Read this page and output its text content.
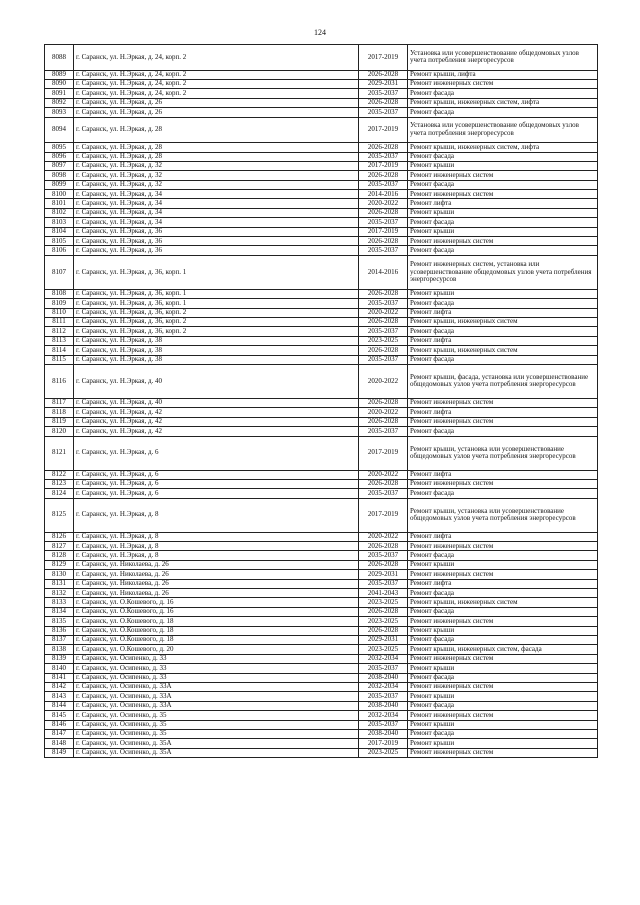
124
8088	г. Саранск, ул. Н.Эркая, д. 24, корп. 2	2017-2019	Установка или усовершенствование общедомовых узлов учета потребления энергоресурсов
8089	г. Саранск, ул. Н.Эркая, д. 24, корп. 2	2026-2028	Ремонт крыши, лифта
8090	г. Саранск, ул. Н.Эркая, д. 24, корп. 2	2029-2031	Ремонт инженерных систем
8091	г. Саранск, ул. Н.Эркая, д. 24, корп. 2	2035-2037	Ремонт фасада
8092	г. Саранск, ул. Н.Эркая, д. 26	2026-2028	Ремонт крыши, инженерных систем, лифта
8093	г. Саранск, ул. Н.Эркая, д. 26	2035-2037	Ремонт фасада
8094	г. Саранск, ул. Н.Эркая, д. 28	2017-2019	Установка или усовершенствование общедомовых узлов учета потребления энергоресурсов
8095	г. Саранск, ул. Н.Эркая, д. 28	2026-2028	Ремонт крыши, инженерных систем, лифта
8096	г. Саранск, ул. Н.Эркая, д. 28	2035-2037	Ремонт фасада
8097	г. Саранск, ул. Н.Эркая, д. 32	2017-2019	Ремонт крыши
8098	г. Саранск, ул. Н.Эркая, д. 32	2026-2028	Ремонт инженерных систем
8099	г. Саранск, ул. Н.Эркая, д. 32	2035-2037	Ремонт фасада
8100	г. Саранск, ул. Н.Эркая, д. 34	2014-2016	Ремонт инженерных систем
8101	г. Саранск, ул. Н.Эркая, д. 34	2020-2022	Ремонт лифта
8102	г. Саранск, ул. Н.Эркая, д. 34	2026-2028	Ремонт крыши
8103	г. Саранск, ул. Н.Эркая, д. 34	2035-2037	Ремонт фасада
8104	г. Саранск, ул. Н.Эркая, д. 36	2017-2019	Ремонт крыши
8105	г. Саранск, ул. Н.Эркая, д. 36	2026-2028	Ремонт инженерных систем
8106	г. Саранск, ул. Н.Эркая, д. 36	2035-2037	Ремонт фасада
8107	г. Саранск, ул. Н.Эркая, д. 36, корп. 1	2014-2016	Ремонт инженерных систем, установка или усовершенствование общедомовых узлов учета потребления энергоресурсов
8108	г. Саранск, ул. Н.Эркая, д. 36, корп. 1	2026-2028	Ремонт крыши
8109	г. Саранск, ул. Н.Эркая, д. 36, корп. 1	2035-2037	Ремонт фасада
8110	г. Саранск, ул. Н.Эркая, д. 36, корп. 2	2020-2022	Ремонт лифта
8111	г. Саранск, ул. Н.Эркая, д. 36, корп. 2	2026-2028	Ремонт крыши, инженерных систем
8112	г. Саранск, ул. Н.Эркая, д. 36, корп. 2	2035-2037	Ремонт фасада
8113	г. Саранск, ул. Н.Эркая, д. 38	2023-2025	Ремонт лифта
8114	г. Саранск, ул. Н.Эркая, д. 38	2026-2028	Ремонт крыши, инженерных систем
8115	г. Саранск, ул. Н.Эркая, д. 38	2035-2037	Ремонт фасада
8116	г. Саранск, ул. Н.Эркая, д. 40	2020-2022	Ремонт крыши, фасада, установка или усовершенствование общедомовых узлов учета потребления энергоресурсов
8117	г. Саранск, ул. Н.Эркая, д. 40	2026-2028	Ремонт инженерных систем
8118	г. Саранск, ул. Н.Эркая, д. 42	2020-2022	Ремонт лифта
8119	г. Саранск, ул. Н.Эркая, д. 42	2026-2028	Ремонт инженерных систем
8120	г. Саранск, ул. Н.Эркая, д. 42	2035-2037	Ремонт фасада
8121	г. Саранск, ул. Н.Эркая, д. 6	2017-2019	Ремонт крыши, установка или усовершенствование общедомовых узлов учета потребления энергоресурсов
8122	г. Саранск, ул. Н.Эркая, д. 6	2020-2022	Ремонт лифта
8123	г. Саранск, ул. Н.Эркая, д. 6	2026-2028	Ремонт инженерных систем
8124	г. Саранск, ул. Н.Эркая, д. 6	2035-2037	Ремонт фасада
8125	г. Саранск, ул. Н.Эркая, д. 8	2017-2019	Ремонт крыши, установка или усовершенствование общедомовых узлов учета потребления энергоресурсов
8126	г. Саранск, ул. Н.Эркая, д. 8	2020-2022	Ремонт лифта
8127	г. Саранск, ул. Н.Эркая, д. 8	2026-2028	Ремонт инженерных систем
8128	г. Саранск, ул. Н.Эркая, д. 8	2035-2037	Ремонт фасада
8129	г. Саранск, ул. Николаева, д. 26	2026-2028	Ремонт крыши
8130	г. Саранск, ул. Николаева, д. 26	2029-2031	Ремонт инженерных систем
8131	г. Саранск, ул. Николаева, д. 26	2035-2037	Ремонт лифта
8132	г. Саранск, ул. Николаева, д. 26	2041-2043	Ремонт фасада
8133	г. Саранск, ул. О.Кошевого, д. 16	2023-2025	Ремонт крыши, инженерных систем
8134	г. Саранск, ул. О.Кошевого, д. 16	2026-2028	Ремонт фасада
8135	г. Саранск, ул. О.Кошевого, д. 18	2023-2025	Ремонт инженерных систем
8136	г. Саранск, ул. О.Кошевого, д. 18	2026-2028	Ремонт крыши
8137	г. Саранск, ул. О.Кошевого, д. 18	2029-2031	Ремонт фасада
8138	г. Саранск, ул. О.Кошевого, д. 20	2023-2025	Ремонт крыши, инженерных систем, фасада
8139	г. Саранск, ул. Осипенко, д. 33	2032-2034	Ремонт инженерных систем
8140	г. Саранск, ул. Осипенко, д. 33	2035-2037	Ремонт крыши
8141	г. Саранск, ул. Осипенко, д. 33	2038-2040	Ремонт фасада
8142	г. Саранск, ул. Осипенко, д. 33А	2032-2034	Ремонт инженерных систем
8143	г. Саранск, ул. Осипенко, д. 33А	2035-2037	Ремонт крыши
8144	г. Саранск, ул. Осипенко, д. 33А	2038-2040	Ремонт фасада
8145	г. Саранск, ул. Осипенко, д. 35	2032-2034	Ремонт инженерных систем
8146	г. Саранск, ул. Осипенко, д. 35	2035-2037	Ремонт крыши
8147	г. Саранск, ул. Осипенко, д. 35	2038-2040	Ремонт фасада
8148	г. Саранск, ул. Осипенко, д. 35А	2017-2019	Ремонт крыши
8149	г. Саранск, ул. Осипенко, д. 35А	2023-2025	Ремонт инженерных систем
